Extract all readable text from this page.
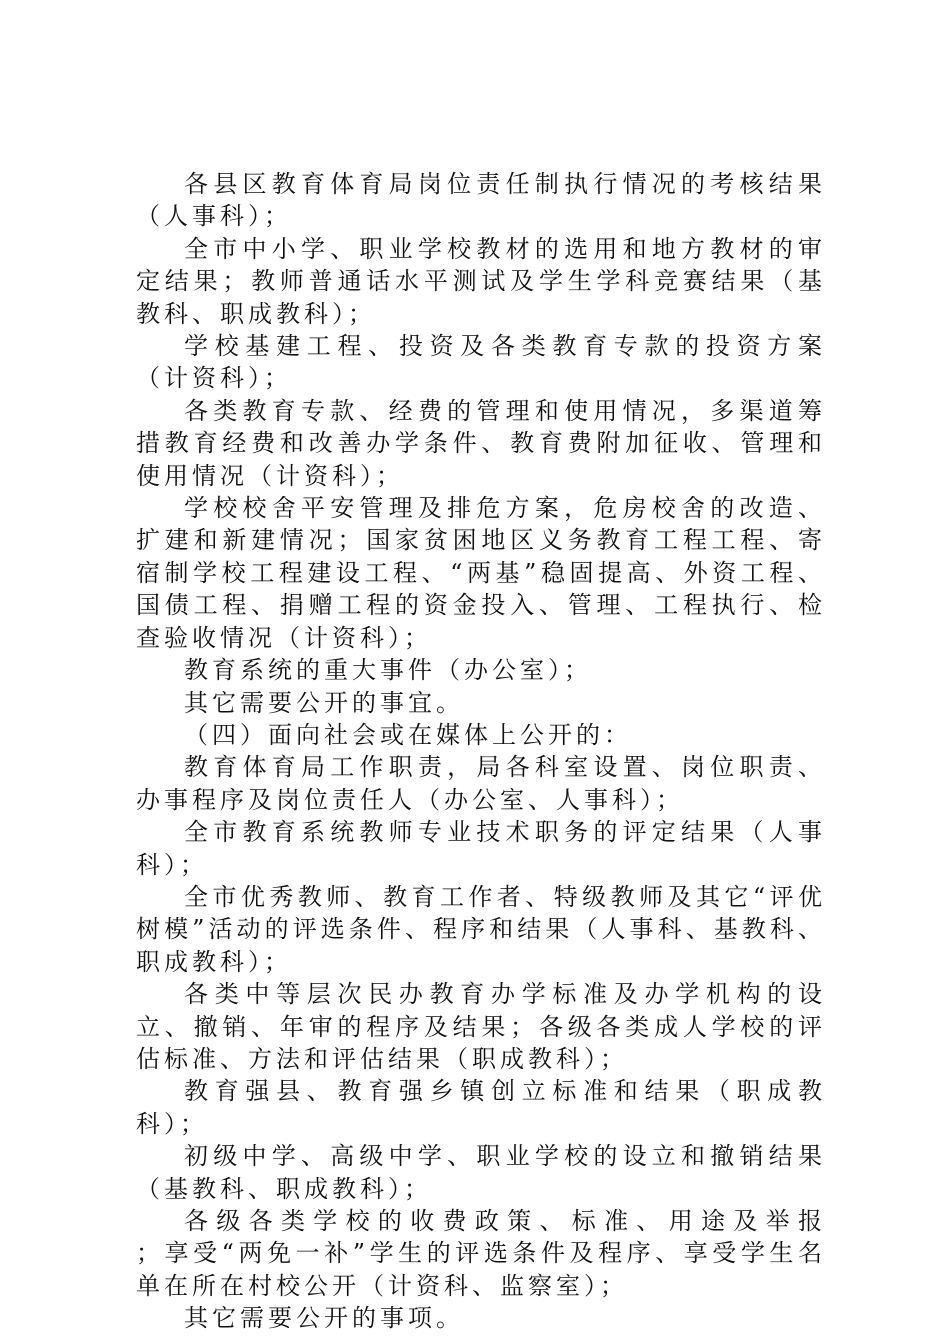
各县区教育体育局岗位责任制执行情况的考核结果（人事科）；

全市中小学、职业学校教材的选用和地方教材的审定结果；教师普通话水平测试及学生学科竞赛结果（基教科、职成教科）；

学校基建工程、投资及各类教育专款的投资方案（计资科）；

各类教育专款、经费的管理和使用情况，多渠道筹措教育经费和改善办学条件、教育费附加征收、管理和使用情况（计资科）；

学校校舍平安管理及排危方案，危房校舍的改造、扩建和新建情况；国家贫困地区义务教育工程工程、寄宿制学校工程建设工程、“两基”稳固提高、外资工程、国债工程、捐赠工程的资金投入、管理、工程执行、检查验收情况（计资科）；

教育系统的重大事件（办公室）；

其它需要公开的事宜。

（四）面向社会或在媒体上公开的：

教育体育局工作职责，局各科室设置、岗位职责、办事程序及岗位责任人（办公室、人事科）；

全市教育系统教师专业技术职务的评定结果（人事科）；

全市优秀教师、教育工作者、特级教师及其它“评优树模”活动的评选条件、程序和结果（人事科、基教科、职成教科）；

各类中等层次民办教育办学标准及办学机构的设立、撤销、年审的程序及结果；各级各类成人学校的评估标准、方法和评估结果（职成教科）；

教育强县、教育强乡镇创立标准和结果（职成教科）；

初级中学、高级中学、职业学校的设立和撤销结果（基教科、职成教科）；

各级各类学校的收费政策、标准、用途及举报　　；享受“两免一补”学生的评选条件及程序、享受学生名单在所在村校公开（计资科、监察室）；

其它需要公开的事项。
